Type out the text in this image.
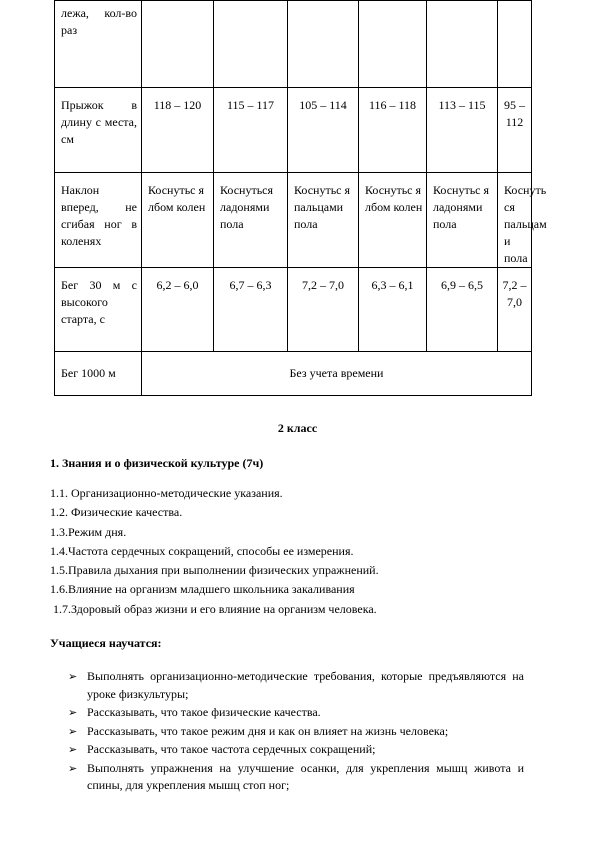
лежа, кол-во раз						
Прыжок в длину с места, см	118 – 120	115 – 117	105 – 114	116 – 118	113 – 115	95 – 112
Наклон вперед, не сгибая ног в коленях	Коснутьс я лбом колен	Коснуться ладонями пола	Коснутьс я пальцами пола	Коснутьс я лбом колен	Коснутьс я ладонями пола	Коснуть ся пальцам и пола
Бег 30 м с высокого старта, с	6,2 – 6,0	6,7 – 6,3	7,2 – 7,0	6,3 – 6,1	6,9 – 6,5	7,2 – 7,0
Бег 1000 м	Без учета времени					
2 класс
1. Знания и о физической культуре (7ч)
1.1. Организационно-методические указания.
1.2. Физические качества.
1.3.Режим дня.
1.4.Частота сердечных сокращений, способы ее измерения.
1.5.Правила дыхания при выполнении физических упражнений.
1.6.Влияние на организм младшего школьника закаливания
1.7.Здоровый образ жизни и его влияние на организм человека.
Учащиеся научатся:
➢ Выполнять организационно-методические требования, которые предъявляются на уроке физкультуры;
➢ Рассказывать, что такое физические качества.
➢ Рассказывать, что такое режим дня и как он влияет на жизнь человека;
➢ Рассказывать, что такое частота сердечных сокращений;
➢ Выполнять упражнения на улучшение осанки, для укрепления мышц живота и спины, для укрепления мышц стоп ног;
